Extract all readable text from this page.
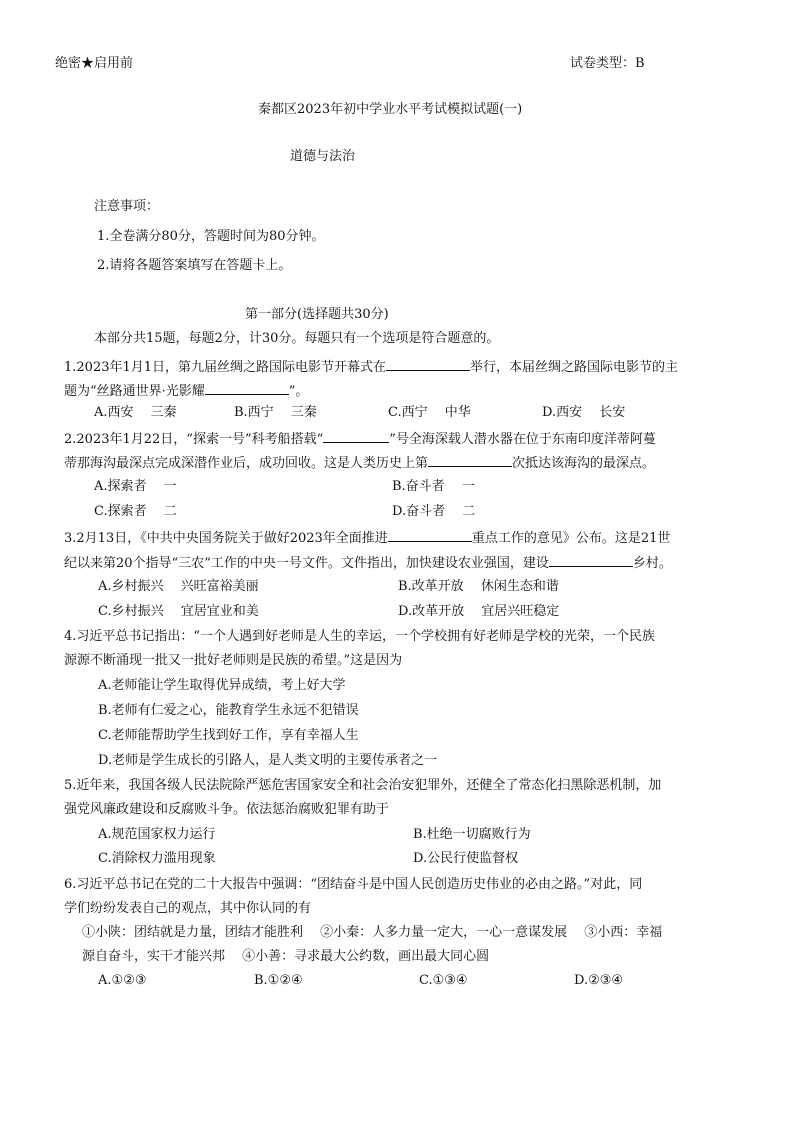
绝密★启用前	试卷类型：B
秦都区2023年初中学业水平考试模拟试题(一)
道德与法治
注意事项：
1.全卷满分80分，答题时间为80分钟。
2.请将各题答案填写在答题卡上。
第一部分(选择题共30分)
本部分共15题，每题2分，计30分。每题只有一个选项是符合题意的。
1.2023年1月1日，第九届丝绸之路国际电影节开幕式在	举行，本届丝绸之路国际电影节的主
题为“丝路通世界·光影耀	”。
A.西安　 三秦	B.西宁　 三秦	C.西宁　 中华	D.西安　 长安
2.2023年1月22日，“探索一号”科考船搭载“	”号全海深载人潜水器在位于东南印度洋蒂阿蔓
蒂那海沟最深点完成深潜作业后，成功回收。这是人类历史上第	次抵达该海沟的最深点。
A.探索者　 一	B.奋斗者　 一
C.探索者　 二	D.奋斗者　 二
3.2月13日，《中共中央国务院关于做好2023年全面推进	重点工作的意见》公布。这是21世
纪以来第20个指导“三农”工作的中央一号文件。文件指出，加快建设农业强国，建设	乡村。
A.乡村振兴　 兴旺富裕美丽	B.改革开放　 休闲生态和谐
C.乡村振兴　 宜居宜业和美	D.改革开放　 宜居兴旺稳定
4.习近平总书记指出：“一个人遇到好老师是人生的幸运，一个学校拥有好老师是学校的光荣，一个民族
源源不断涌现一批又一批好老师则是民族的希望。”这是因为
A.老师能让学生取得优异成绩，考上好大学
B.老师有仁爱之心，能教育学生永远不犯错误
C.老师能帮助学生找到好工作，享有幸福人生
D.老师是学生成长的引路人，是人类文明的主要传承者之一
5.近年来，我国各级人民法院除严惩危害国家安全和社会治安犯罪外，还健全了常态化扫黑除恶机制，加
强党风廉政建设和反腐败斗争。依法惩治腐败犯罪有助于
A.规范国家权力运行	B.杜绝一切腐败行为
C.消除权力滥用现象	D.公民行使监督权
6.习近平总书记在党的二十大报告中强调：“团结奋斗是中国人民创造历史伟业的必由之路。”对此，同
学们纷纷发表自己的观点，其中你认同的有
①小陕：团结就是力量，团结才能胜利　 ②小秦：人多力量一定大，一心一意谋发展　 ③小西：幸福
源自奋斗，实干才能兴邦　 ④小善：寻求最大公约数，画出最大同心圆
A.①②③	B.①②④	C.①③④	D.②③④
